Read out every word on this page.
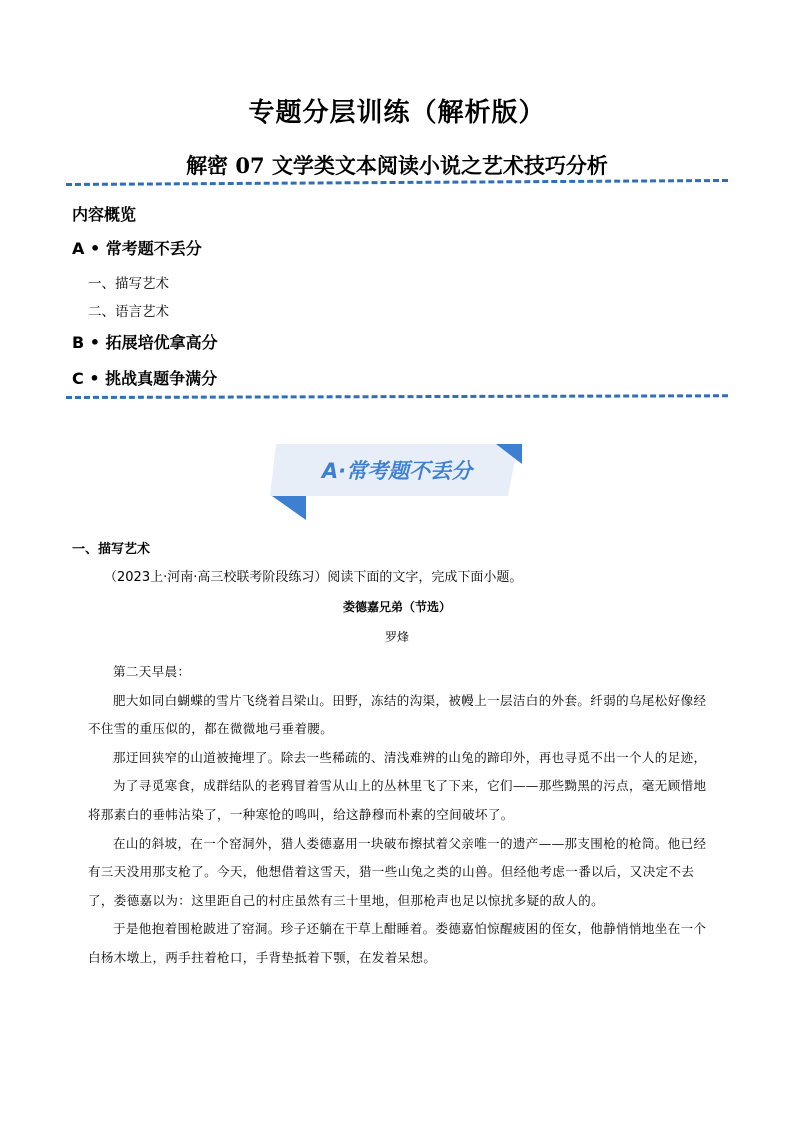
专题分层训练（解析版）
解密 07 文学类文本阅读小说之艺术技巧分析
内容概览
A • 常考题不丢分
一、描写艺术
二、语言艺术
B • 拓展培优拿高分
C • 挑战真题争满分
A·常考题不丢分
一、描写艺术
（2023上·河南·高三校联考阶段练习）阅读下面的文字，完成下面小题。
娄德嘉兄弟（节选）
罗烽

第二天早晨：

肥大如同白蝴蝶的雪片飞绕着吕梁山。田野，冻结的沟渠，被幔上一层洁白的外套。纤弱的乌尾松好像经不住雪的重压似的，都在微微地弓垂着腰。

那迂回狭窄的山道被掩埋了。除去一些稀疏的、清浅难辨的山兔的蹄印外，再也寻觅不出一个人的足迹，

为了寻觅寒食，成群结队的老鸦冒着雪从山上的丛林里飞了下来，它们——那些黝黑的污点，毫无顾惜地将那素白的垂帏沾染了，一种寒怆的鸣叫，给这静穆而朴素的空间破坏了。

在山的斜坡，在一个窑洞外，猎人娄德嘉用一块破布擦拭着父亲唯一的遗产——那支围枪的枪筒。他已经有三天没用那支枪了。今天，他想借着这雪天，猎一些山兔之类的山兽。但经他考虑一番以后，又决定不去了，娄德嘉以为：这里距自己的村庄虽然有三十里地，但那枪声也足以惊扰多疑的敌人的。

于是他抱着围枪跛进了窑洞。珍子还躺在干草上酣睡着。娄德嘉怕惊醒疲困的侄女，他静悄悄地坐在一个白杨木墩上，两手拄着枪口，手背垫抵着下颚，在发着呆想。
